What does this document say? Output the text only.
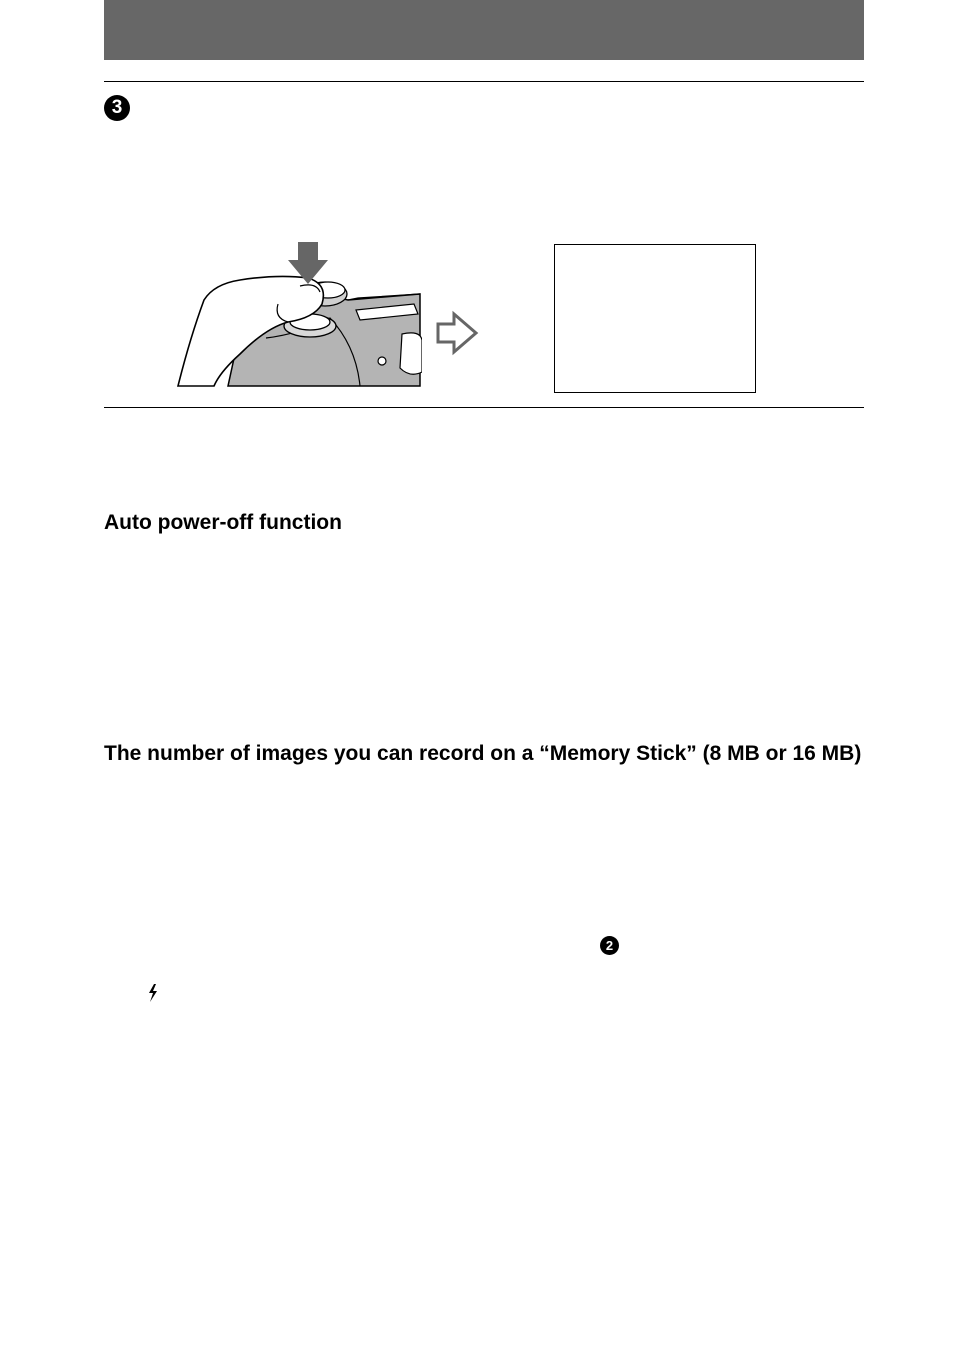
3
Auto power-off function
The number of images you can record on a “Memory Stick” (8 MB or 16 MB)
2
